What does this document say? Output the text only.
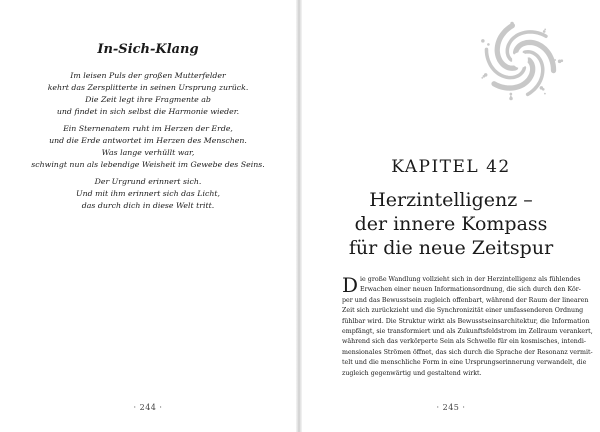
In-Sich-Klang
Im leisen Puls der großen Mutterfelder
kehrt das Zersplitterte in seinen Ursprung zurück.
Die Zeit legt ihre Fragmente ab
und findet in sich selbst die Harmonie wieder.
Ein Sternenatem ruht im Herzen der Erde,
und die Erde antwortet im Herzen des Menschen.
Was lange verhüllt war,
schwingt nun als lebendige Weisheit im Gewebe des Seins.
Der Urgrund erinnert sich.
Und mit ihm erinnert sich das Licht,
das durch dich in diese Welt tritt.
· 244 ·
KAPITEL 42
Herzintelligenz –
der innere Kompass
für die neue Zeitspur
D ie große Wandlung vollzieht sich in der Herzintelligenz als fühlendes
Erwachen einer neuen Informationsordnung, die sich durch den Kör-
per und das Bewusstsein zugleich offenbart, während der Raum der linearen
Zeit sich zurückzieht und die Synchronizität einer umfassenderen Ordnung
fühlbar wird. Die Struktur wirkt als Bewusstseinsarchitektur, die Information
empfängt, sie transformiert und als Zukunftsfeldstrom im Zellraum verankert,
während sich das verkörperte Sein als Schwelle für ein kosmisches, intendi-
mensionales Strömen öffnet, das sich durch die Sprache der Resonanz vermit-
telt und die menschliche Form in eine Ursprungserinnerung verwandelt, die
zugleich gegenwärtig und gestaltend wirkt.
· 245 ·
